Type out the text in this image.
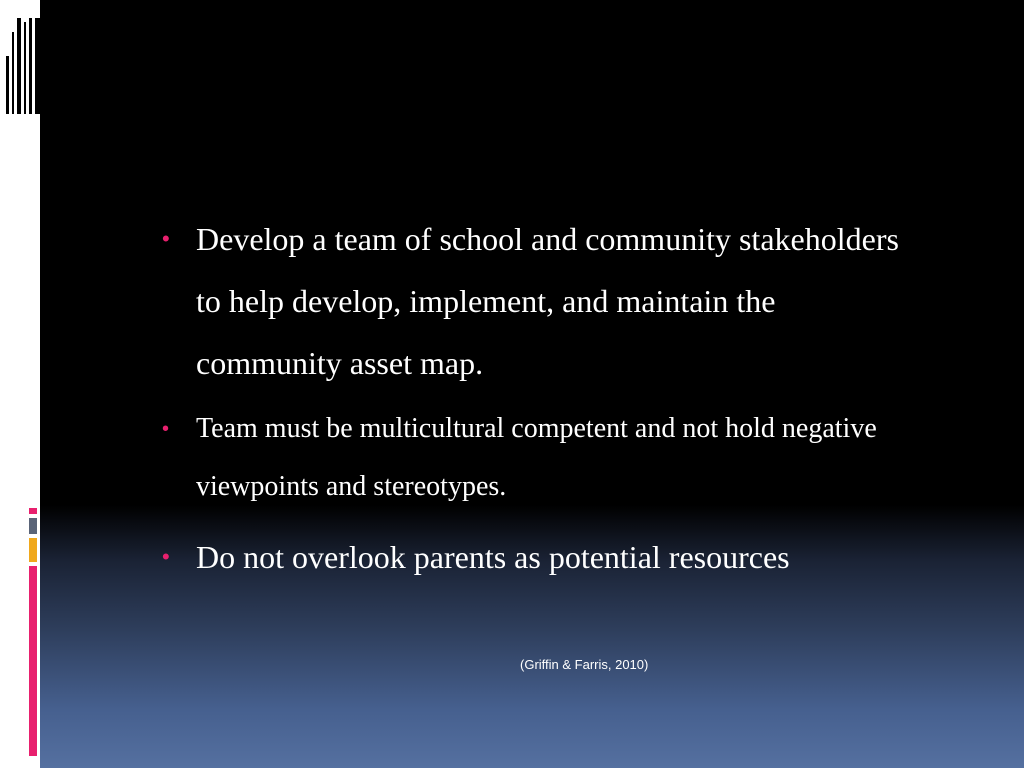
• Develop a team of school and community stakeholders to help develop, implement, and maintain the community asset map.
• Team must be multicultural competent and not hold negative viewpoints and stereotypes.
• Do not overlook parents as potential resources
(Griffin & Farris, 2010)
